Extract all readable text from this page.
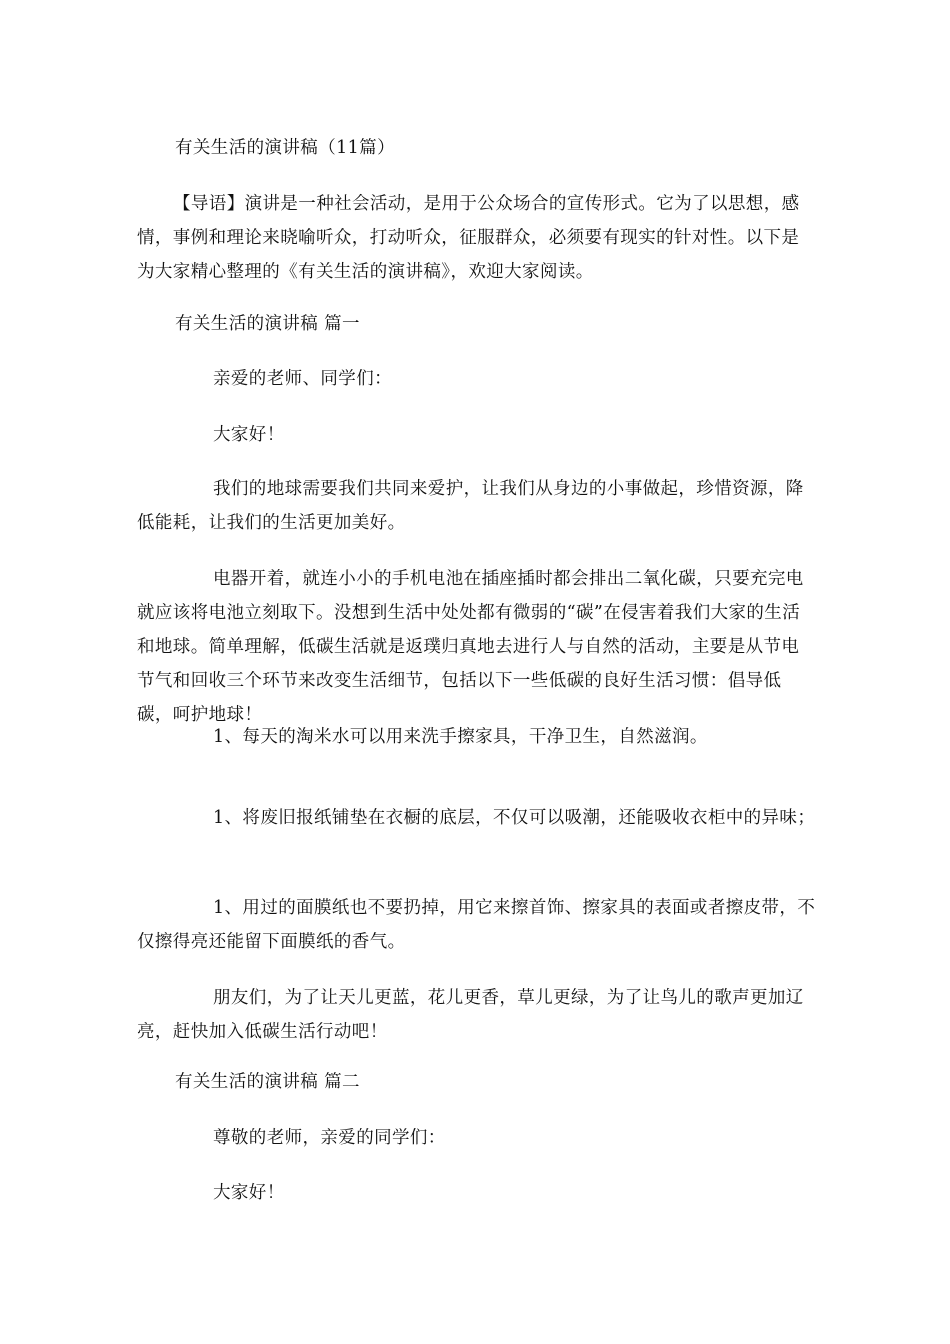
有关生活的演讲稿（11篇）
【导语】演讲是一种社会活动，是用于公众场合的宣传形式。它为了以思想，感情，事例和理论来晓喻听众，打动听众，征服群众，必须要有现实的针对性。以下是为大家精心整理的《有关生活的演讲稿》，欢迎大家阅读。
有关生活的演讲稿 篇一
亲爱的老师、同学们：
大家好！
我们的地球需要我们共同来爱护，让我们从身边的小事做起，珍惜资源，降低能耗，让我们的生活更加美好。
电器开着，就连小小的手机电池在插座插时都会排出二氧化碳，只要充完电就应该将电池立刻取下。没想到生活中处处都有微弱的“碳”在侵害着我们大家的生活和地球。简单理解，低碳生活就是返璞归真地去进行人与自然的活动，主要是从节电节气和回收三个环节来改变生活细节，包括以下一些低碳的良好生活习惯：倡导低碳，呵护地球！
1、每天的淘米水可以用来洗手擦家具，干净卫生，自然滋润。
1、将废旧报纸铺垫在衣橱的底层，不仅可以吸潮，还能吸收衣柜中的异味；
1、用过的面膜纸也不要扔掉，用它来擦首饰、擦家具的表面或者擦皮带，不仅擦得亮还能留下面膜纸的香气。
朋友们，为了让天儿更蓝，花儿更香，草儿更绿，为了让鸟儿的歌声更加辽亮，赶快加入低碳生活行动吧！
有关生活的演讲稿 篇二
尊敬的老师，亲爱的同学们：
大家好！
